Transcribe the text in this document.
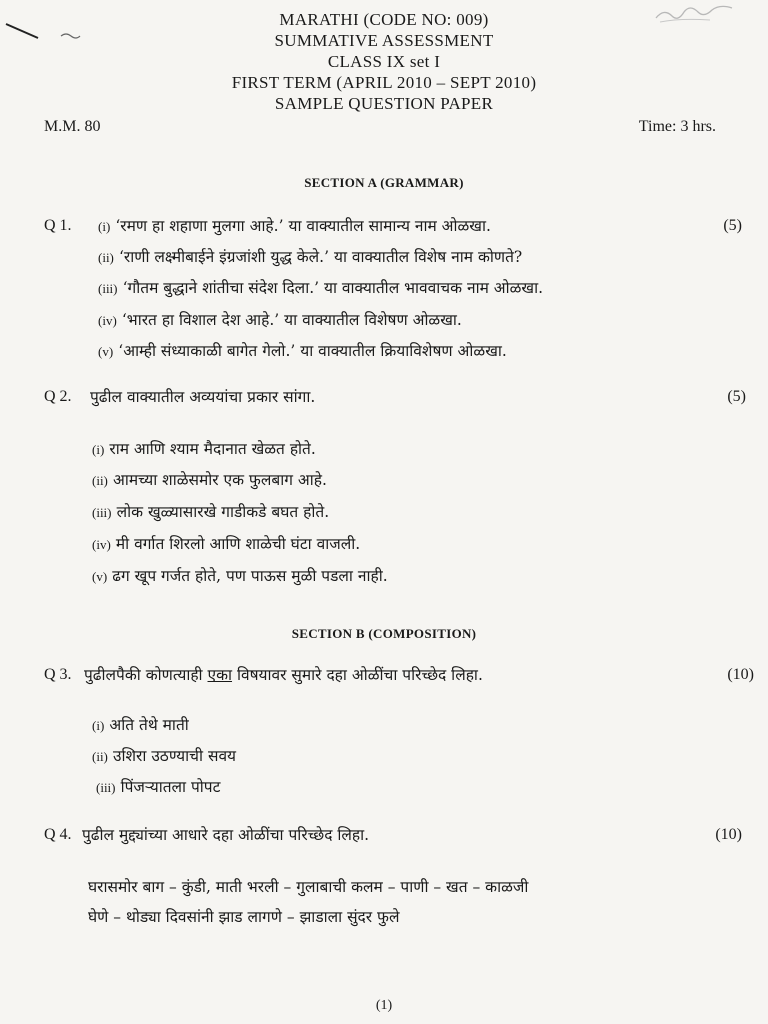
MARATHI (CODE NO: 009)
SUMMATIVE ASSESSMENT
CLASS IX set I
FIRST TERM (APRIL 2010 – SEPT 2010)
SAMPLE QUESTION PAPER
M.M. 80	Time: 3 hrs.
SECTION A (GRAMMAR)
Q 1.	(5)
(i) ‘रमण हा शहाणा मुलगा आहे.’ या वाक्यातील सामान्य नाम ओळखा.
(ii) ‘राणी लक्ष्मीबाईने इंग्रजांशी युद्ध केले.’ या वाक्यातील विशेष नाम कोणते?
(iii) ‘गौतम बुद्धाने शांतीचा संदेश दिला.’ या वाक्यातील भाववाचक नाम ओळखा.
(iv) ‘भारत हा विशाल देश आहे.’ या वाक्यातील विशेषण ओळखा.
(v) ‘आम्ही संध्याकाळी बागेत गेलो.’ या वाक्यातील क्रियाविशेषण ओळखा.
Q 2. पुढील वाक्यातील अव्ययांचा प्रकार सांगा.	(5)
(i) राम आणि श्याम मैदानात खेळत होते.
(ii) आमच्या शाळेसमोर एक फुलबाग आहे.
(iii) लोक खुळ्यासारखे गाडीकडे बघत होते.
(iv) मी वर्गात शिरलो आणि शाळेची घंटा वाजली.
(v) ढग खूप गर्जत होते, पण पाऊस मुळी पडला नाही.
SECTION B (COMPOSITION)
Q 3. पुढीलपैकी कोणत्याही एका विषयावर सुमारे दहा ओळींचा परिच्छेद लिहा.	(10)
(i) अति तेथे माती
(ii) उशिरा उठण्याची सवय
(iii) पिंजऱ्यातला पोपट
Q 4. पुढील मुद्द्यांच्या आधारे दहा ओळींचा परिच्छेद लिहा.	(10)
घरासमोर बाग – कुंडी, माती भरली – गुलाबाची कलम – पाणी – खत – काळजी
घेणे – थोड्या दिवसांनी झाड लागणे – झाडाला सुंदर फुले
(1)
